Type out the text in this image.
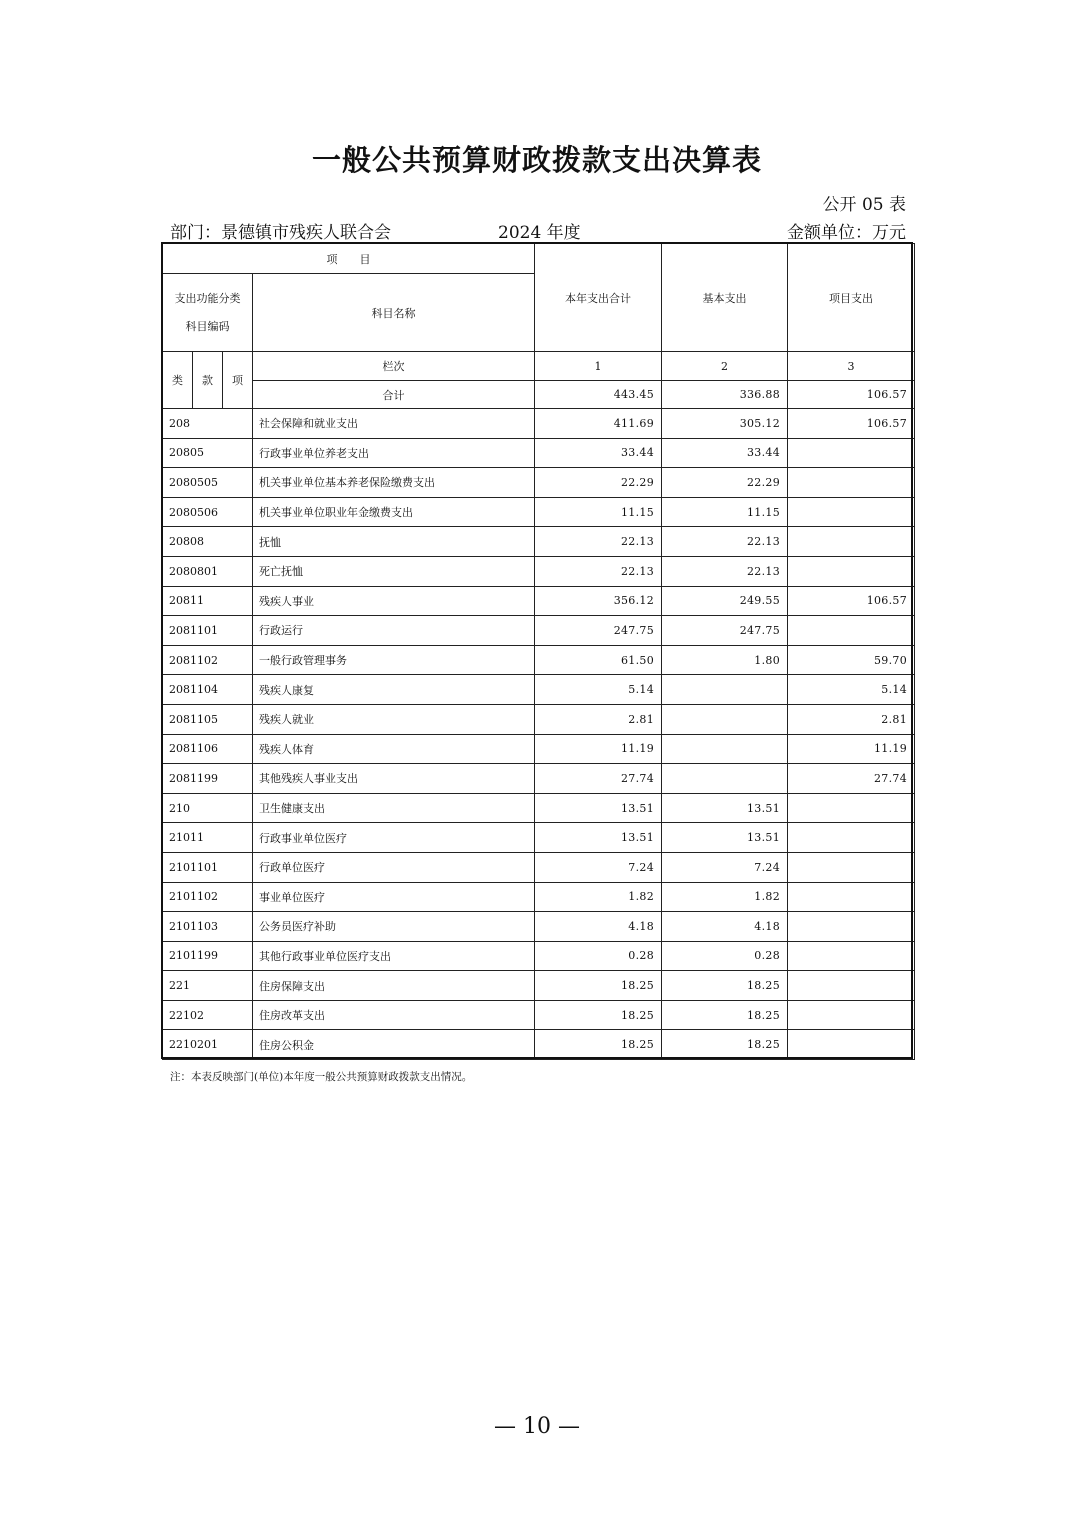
一般公共预算财政拨款支出决算表
公开 05 表
部门：景德镇市残疾人联合会	2024 年度	金额单位：万元
项　　目				本年支出合计	基本支出	项目支出

支出功能分类科目编码			科目名称			
类	款	项	栏次	1	2	3
			合计	443.45	336.88	106.57
208			社会保障和就业支出	411.69	305.12	106.57
20805			行政事业单位养老支出	33.44	33.44	
2080505			机关事业单位基本养老保险缴费支出	22.29	22.29	
2080506			机关事业单位职业年金缴费支出	11.15	11.15	
20808			抚恤	22.13	22.13	
2080801			死亡抚恤	22.13	22.13	
20811			残疾人事业	356.12	249.55	106.57
2081101			行政运行	247.75	247.75	
2081102			一般行政管理事务	61.50	1.80	59.70
2081104			残疾人康复	5.14		5.14
2081105			残疾人就业	2.81		2.81
2081106			残疾人体育	11.19		11.19
2081199			其他残疾人事业支出	27.74		27.74
210			卫生健康支出	13.51	13.51	
21011			行政事业单位医疗	13.51	13.51	
2101101			行政单位医疗	7.24	7.24	
2101102			事业单位医疗	1.82	1.82	
2101103			公务员医疗补助	4.18	4.18	
2101199			其他行政事业单位医疗支出	0.28	0.28	
221			住房保障支出	18.25	18.25	
22102			住房改革支出	18.25	18.25	
2210201			住房公积金	18.25	18.25	
注：本表反映部门(单位)本年度一般公共预算财政拨款支出情况。
— 10 —
